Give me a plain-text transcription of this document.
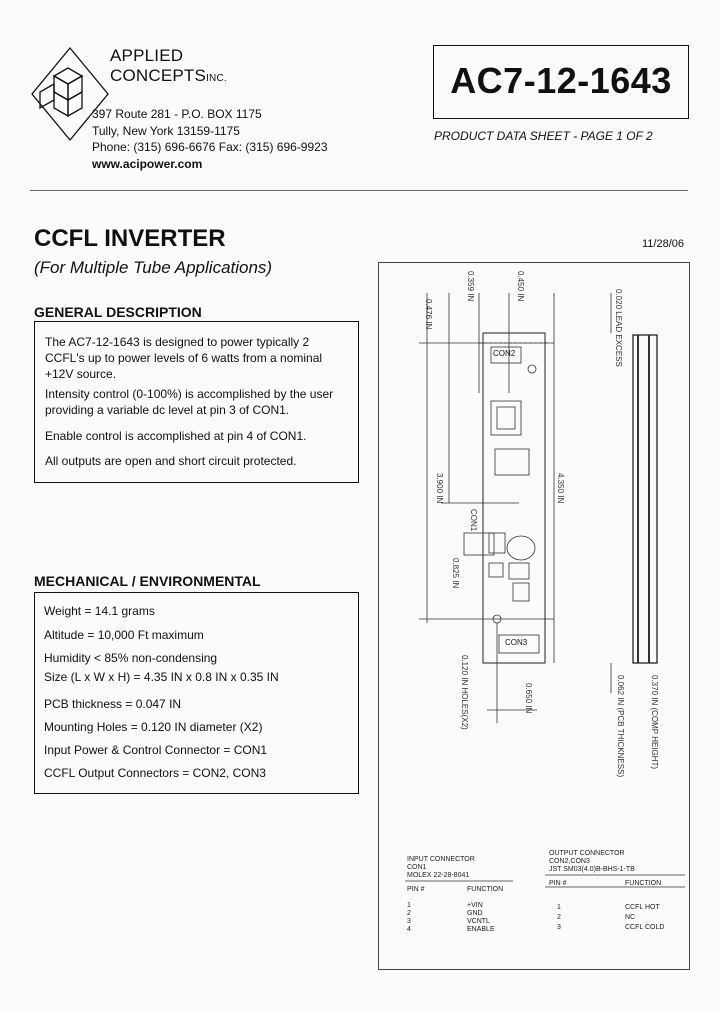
APPLIED
CONCEPTSINC.
397 Route 281 - P.O. BOX 1175
Tully, New York 13159-1175
Phone: (315) 696-6676 Fax: (315) 696-9923
www.acipower.com
AC7-12-1643
PRODUCT DATA SHEET - PAGE 1 OF 2
CCFL INVERTER
(For Multiple Tube Applications)
11/28/06
GENERAL DESCRIPTION
The AC7-12-1643 is designed to power typically 2 CCFL's up to power levels of 6 watts from a nominal +12V source.
Intensity control (0-100%) is accomplished by the user providing a variable dc level at pin 3 of CON1.
Enable control is accomplished at pin 4 of CON1.
All outputs are open and short circuit protected.
MECHANICAL / ENVIRONMENTAL
Weight = 14.1 grams
Altitude = 10,000 Ft maximum
Humidity < 85% non-condensing
Size (L x W x H) = 4.35 IN x 0.8 IN x 0.35 IN
PCB thickness = 0.047 IN
Mounting Holes = 0.120 IN diameter (X2)
Input Power & Control Connector = CON1
CCFL Output Connectors = CON2, CON3
0.476 IN
0.359 IN	0.450 IN
0.020 LEAD EXCESS
3.900 IN	4.350 IN
0.825 IN
0.120 IN HOLES(X2)	0.650 IN	0.062 IN (PCB THICKNESS)	0.370 IN (COMP HEIGHT)
CON1
CON2
CON3
INPUT CONNECTOR
CON1
MOLEX 22-28-8041
PIN #	FUNCTION
1	+VIN
2	GND
3	VCNTL
4	ENABLE
OUTPUT CONNECTOR
CON2,CON3
JST SM03(4.0)B-BHS-1-TB
PIN #	FUNCTION
1	CCFL HOT
2	NC
3	CCFL COLD
